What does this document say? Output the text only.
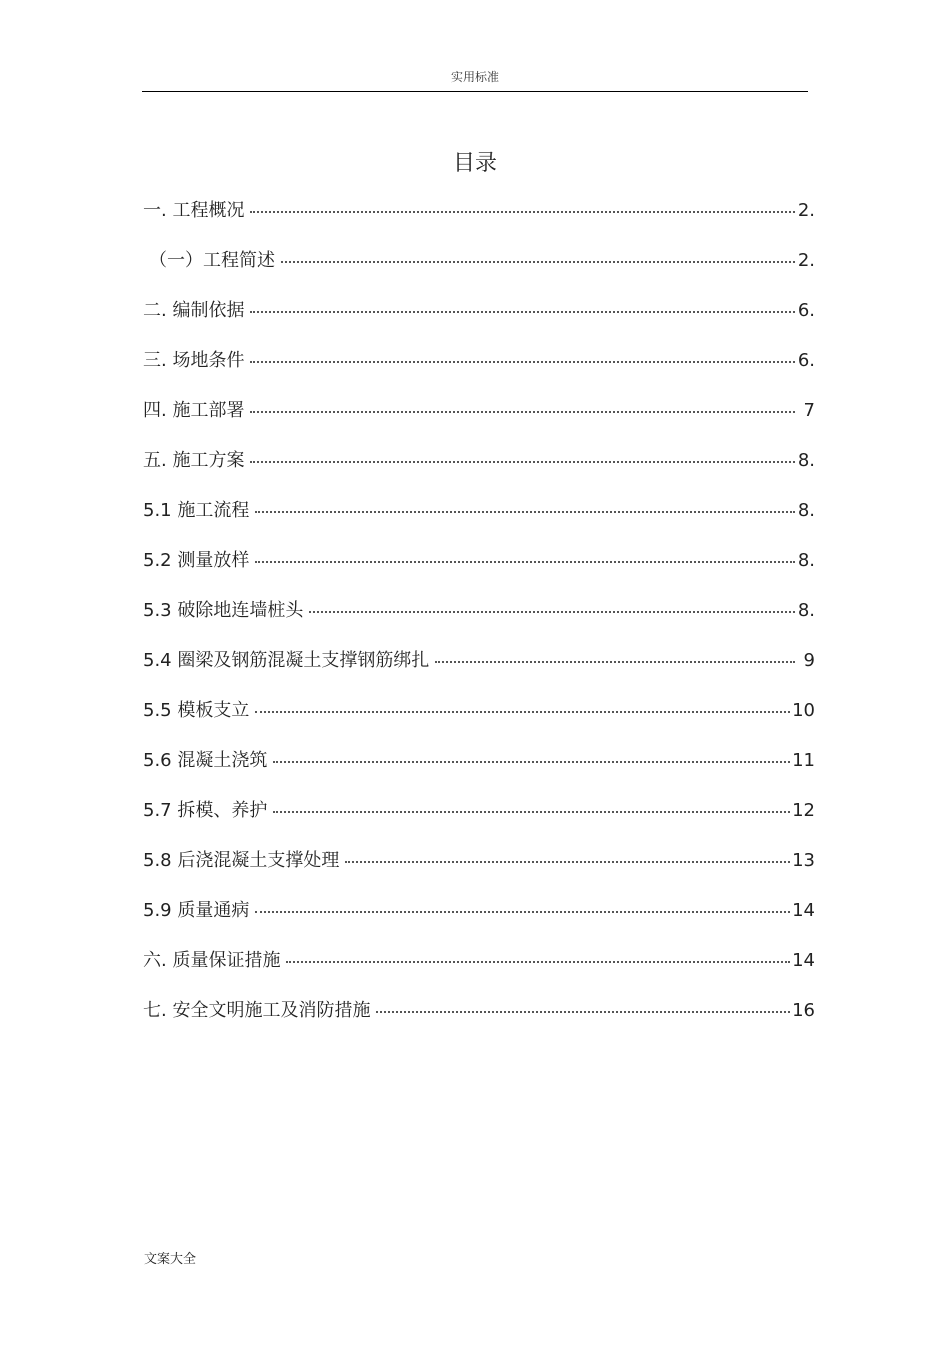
实用标准
目录
一. 工程概况	2.
（一）工程简述	2.
二. 编制依据	6.
三. 场地条件	6.
四. 施工部署	7
五. 施工方案	8.
5.1 施工流程	8.
5.2 测量放样	8.
5.3 破除地连墙桩头	8.
5.4 圈梁及钢筋混凝土支撑钢筋绑扎	9
5.5 模板支立	10
5.6 混凝土浇筑	11
5.7 拆模、养护	12
5.8 后浇混凝土支撑处理	13
5.9 质量通病	14
六. 质量保证措施	14
七. 安全文明施工及消防措施	16
文案大全
